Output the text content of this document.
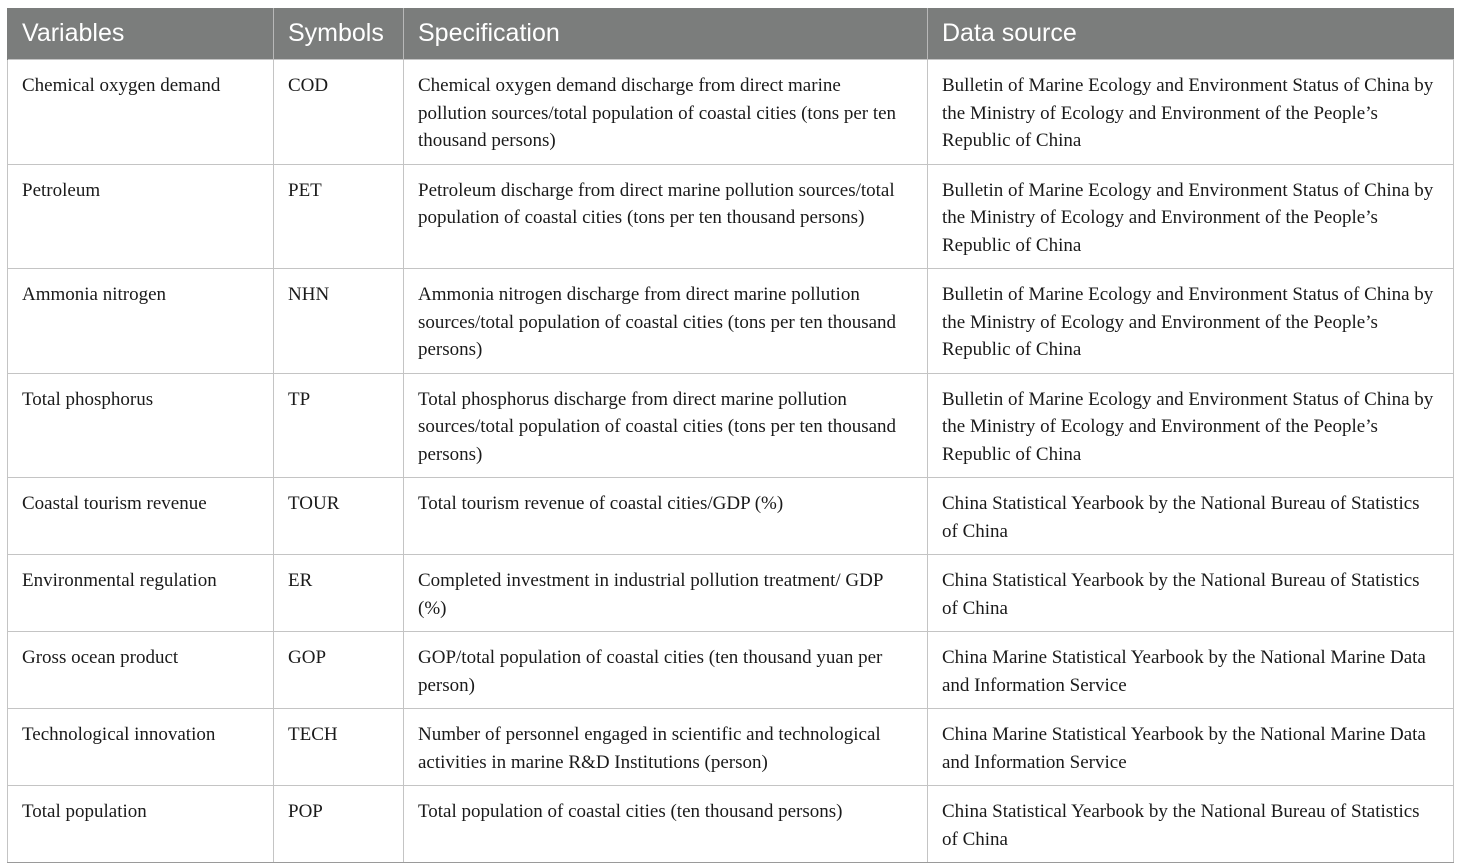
Variables	Symbols	Specification	Data source
Chemical oxygen demand	COD	Chemical oxygen demand discharge from direct marine pollution sources/total population of coastal cities (tons per ten thousand persons)	Bulletin of Marine Ecology and Environment Status of China by the Ministry of Ecology and Environment of the People’s Republic of China
Petroleum	PET	Petroleum discharge from direct marine pollution sources/total population of coastal cities (tons per ten thousand persons)	Bulletin of Marine Ecology and Environment Status of China by the Ministry of Ecology and Environment of the People’s Republic of China
Ammonia nitrogen	NHN	Ammonia nitrogen discharge from direct marine pollution sources/total population of coastal cities (tons per ten thousand persons)	Bulletin of Marine Ecology and Environment Status of China by the Ministry of Ecology and Environment of the People’s Republic of China
Total phosphorus	TP	Total phosphorus discharge from direct marine pollution sources/total population of coastal cities (tons per ten thousand persons)	Bulletin of Marine Ecology and Environment Status of China by the Ministry of Ecology and Environment of the People’s Republic of China
Coastal tourism revenue	TOUR	Total tourism revenue of coastal cities/GDP (%)	China Statistical Yearbook by the National Bureau of Statistics of China
Environmental regulation	ER	Completed investment in industrial pollution treatment/ GDP (%)	China Statistical Yearbook by the National Bureau of Statistics of China
Gross ocean product	GOP	GOP/total population of coastal cities (ten thousand yuan per person)	China Marine Statistical Yearbook by the National Marine Data and Information Service
Technological innovation	TECH	Number of personnel engaged in scientific and technological activities in marine R&D Institutions (person)	China Marine Statistical Yearbook by the National Marine Data and Information Service
Total population	POP	Total population of coastal cities (ten thousand persons)	China Statistical Yearbook by the National Bureau of Statistics of China
